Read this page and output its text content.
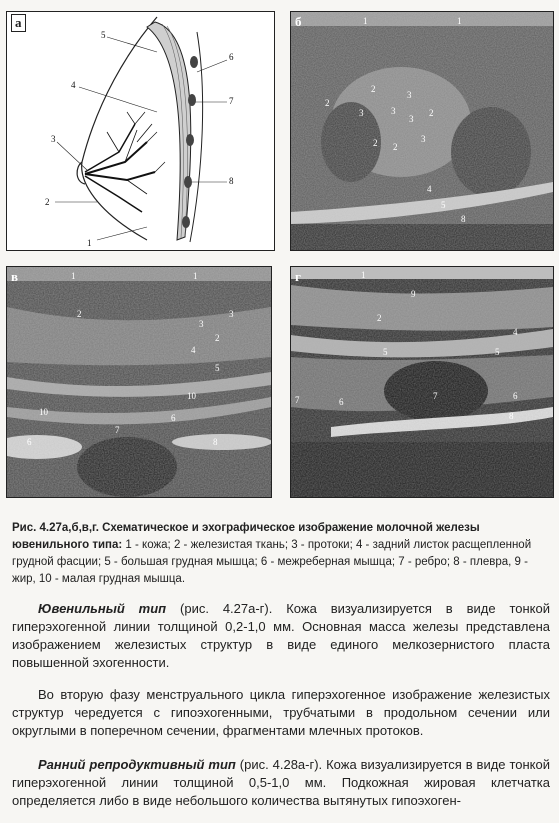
а
1
2
3
4
5
6
7
8
б	1	1
2
2
3	3
3
3
2
2	3
2
4
5
8
в	1	1
2
3
3
2
4
5
10
10
6
6
7
8
г	1
9
2
4
5	5
7	6
6
7
8
Рис. 4.27а,б,в,г. Схематическое и эхографическое изображение молочной железы ювенильного типа: 1 - кожа; 2 - железистая ткань; 3 - протоки; 4 - задний листок расщепленной грудной фасции; 5 - большая грудная мышца; 6 - межреберная мышца; 7 - ребро; 8 - плевра, 9 - жир, 10 - малая грудная мышца.
Ювенильный тип (рис. 4.27а-г). Кожа визуализируется в виде тонкой гиперэхогенной линии толщиной 0,2-1,0 мм. Основная масса железы представлена изображением железистых структур в виде единого мелкозернистого пласта повышенной эхогенности.
Во вторую фазу менструального цикла гиперэхогенное изображение железистых структур чередуется с гипоэхогенными, трубчатыми в продольном сечении или округлыми в поперечном сечении, фрагментами млечных протоков.
Ранний репродуктивный тип (рис. 4.28а-г). Кожа визуализируется в виде тонкой гиперэхогенной линии толщиной 0,5-1,0 мм. Подкожная жировая клетчатка определяется либо в виде небольшого количества вытянутых гипоэхоген-
